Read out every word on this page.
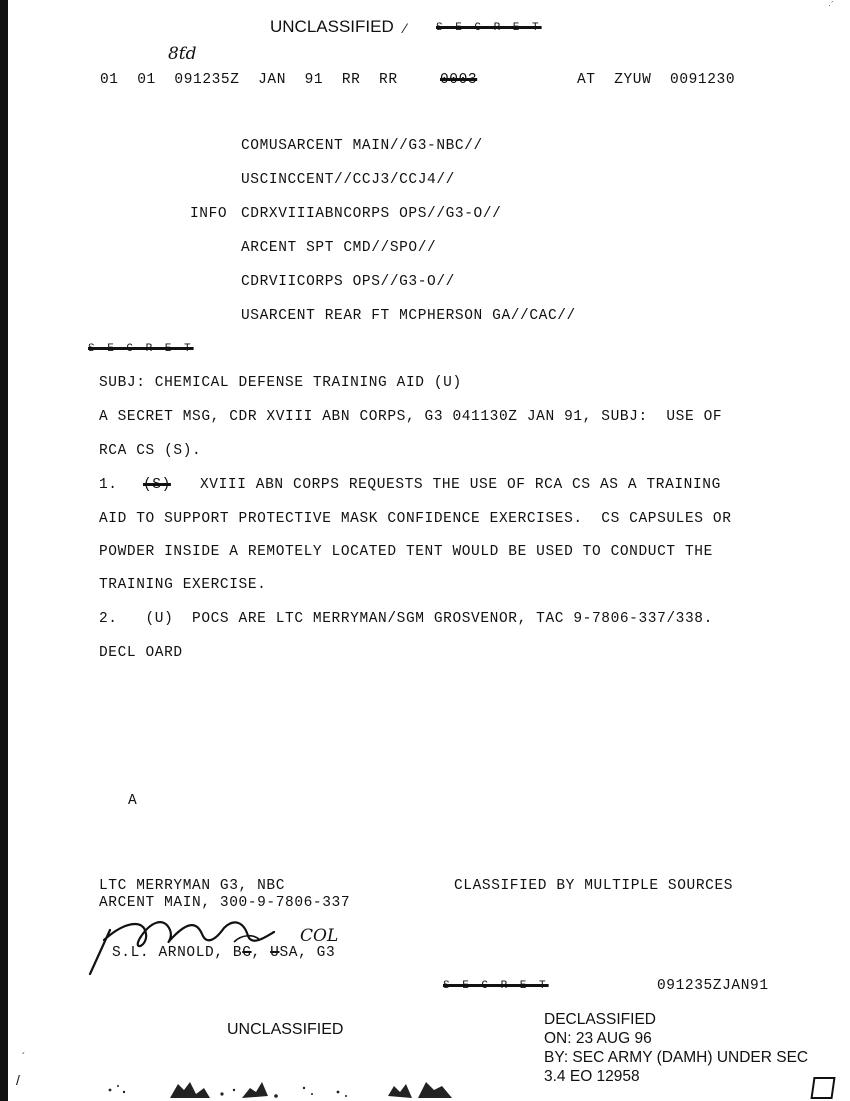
UNCLASSIFIED ⁄	S E C R E T
8ƭd
·´
01  01  091235Z  JAN  91  RR  RR	0003	AT  ZYUW  0091230
COMUSARCENT MAIN//G3-NBC//
USCINCCENT//CCJ3/CCJ4//
INFO CDRXVIIIABNCORPS OPS//G3-O//
ARCENT SPT CMD//SPO//
CDRVIICORPS OPS//G3-O//
USARCENT REAR FT MCPHERSON GA//CAC//
S E C R E T
SUBJ: CHEMICAL DEFENSE TRAINING AID (U)
A SECRET MSG, CDR XVIII ABN CORPS, G3 041130Z JAN 91, SUBJ:  USE OF
RCA CS (S).
1. (S) XVIII ABN CORPS REQUESTS THE USE OF RCA CS AS A TRAINING
AID TO SUPPORT PROTECTIVE MASK CONFIDENCE EXERCISES.  CS CAPSULES OR
POWDER INSIDE A REMOTELY LOCATED TENT WOULD BE USED TO CONDUCT THE
TRAINING EXERCISE.
2.   (U)  POCS ARE LTC MERRYMAN/SGM GROSVENOR, TAC 9-7806-337/338.
DECL OARD
A
LTC MERRYMAN G3, NBC
ARCENT MAIN, 300-9-7806-337
CLASSIFIED BY MULTIPLE SOURCES
COL
S.L. ARNOLD, BG, USA, G3
S E C R E T	091235ZJAN91
UNCLASSIFIED
DECLASSIFIED
ON: 23 AUG 96
BY: SEC ARMY (DAMH) UNDER SEC
3.4 EO 12958
/
´
